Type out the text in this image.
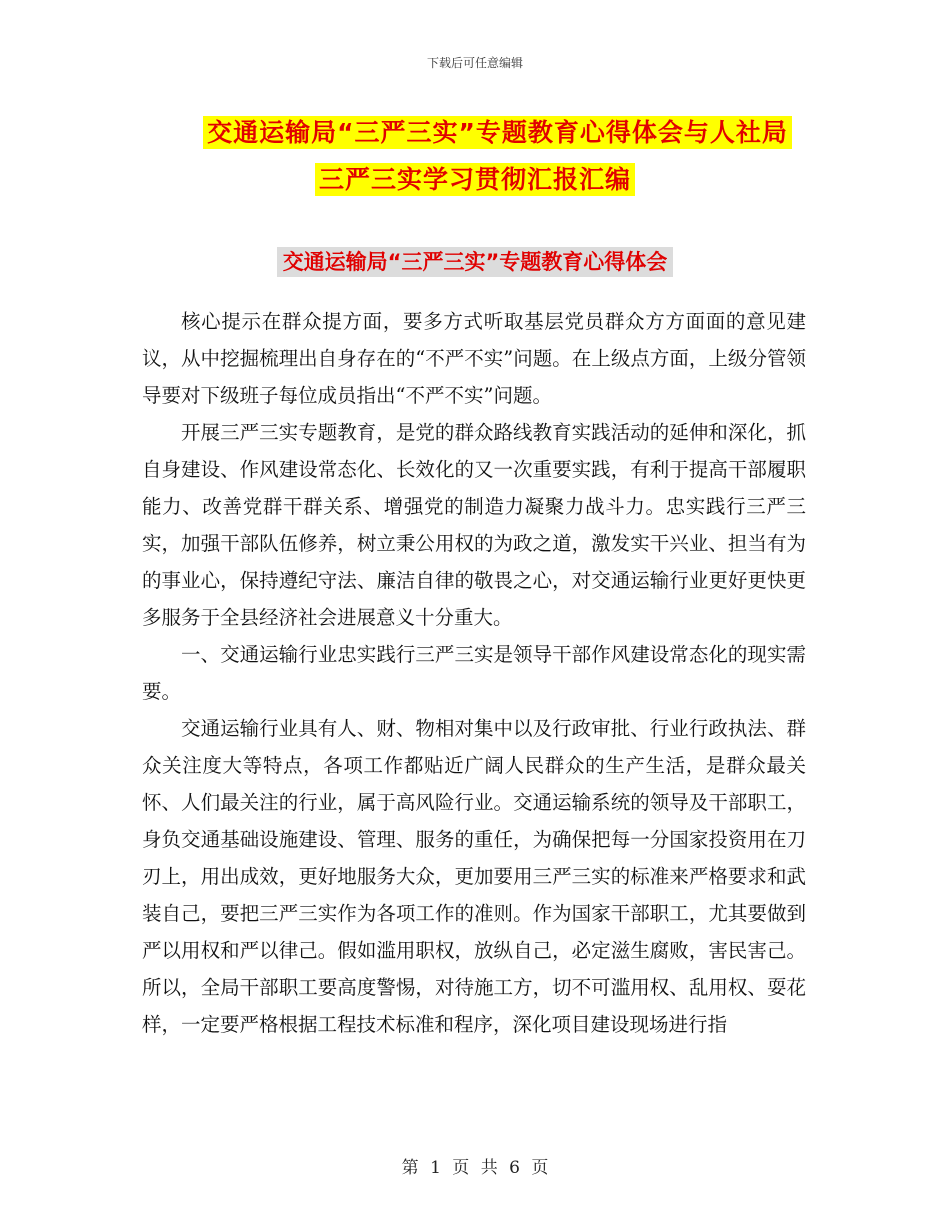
下载后可任意编辑
交通运输局“三严三实”专题教育心得体会与人社局
三严三实学习贯彻汇报汇编
交通运输局“三严三实”专题教育心得体会

核心提示在群众提方面，要多方式听取基层党员群众方方面面的意见建议，从中挖掘梳理出自身存在的“不严不实”问题。在上级点方面，上级分管领导要对下级班子每位成员指出“不严不实”问题。

开展三严三实专题教育，是党的群众路线教育实践活动的延伸和深化，抓自身建设、作风建设常态化、长效化的又一次重要实践，有利于提高干部履职能力、改善党群干群关系、增强党的制造力凝聚力战斗力。忠实践行三严三实，加强干部队伍修养，树立秉公用权的为政之道，激发实干兴业、担当有为的事业心，保持遵纪守法、廉洁自律的敬畏之心，对交通运输行业更好更快更多服务于全县经济社会进展意义十分重大。

一、交通运输行业忠实践行三严三实是领导干部作风建设常态化的现实需要。

交通运输行业具有人、财、物相对集中以及行政审批、行业行政执法、群众关注度大等特点，各项工作都贴近广阔人民群众的生产生活，是群众最关怀、人们最关注的行业，属于高风险行业。交通运输系统的领导及干部职工，身负交通基础设施建设、管理、服务的重任，为确保把每一分国家投资用在刀刃上，用出成效，更好地服务大众，更加要用三严三实的标准来严格要求和武装自己，要把三严三实作为各项工作的准则。作为国家干部职工，尤其要做到严以用权和严以律己。假如滥用职权，放纵自己，必定滋生腐败，害民害己。所以，全局干部职工要高度警惕，对待施工方，切不可滥用权、乱用权、耍花样，一定要严格根据工程技术标准和程序，深化项目建设现场进行指

第 1 页 共 6 页
